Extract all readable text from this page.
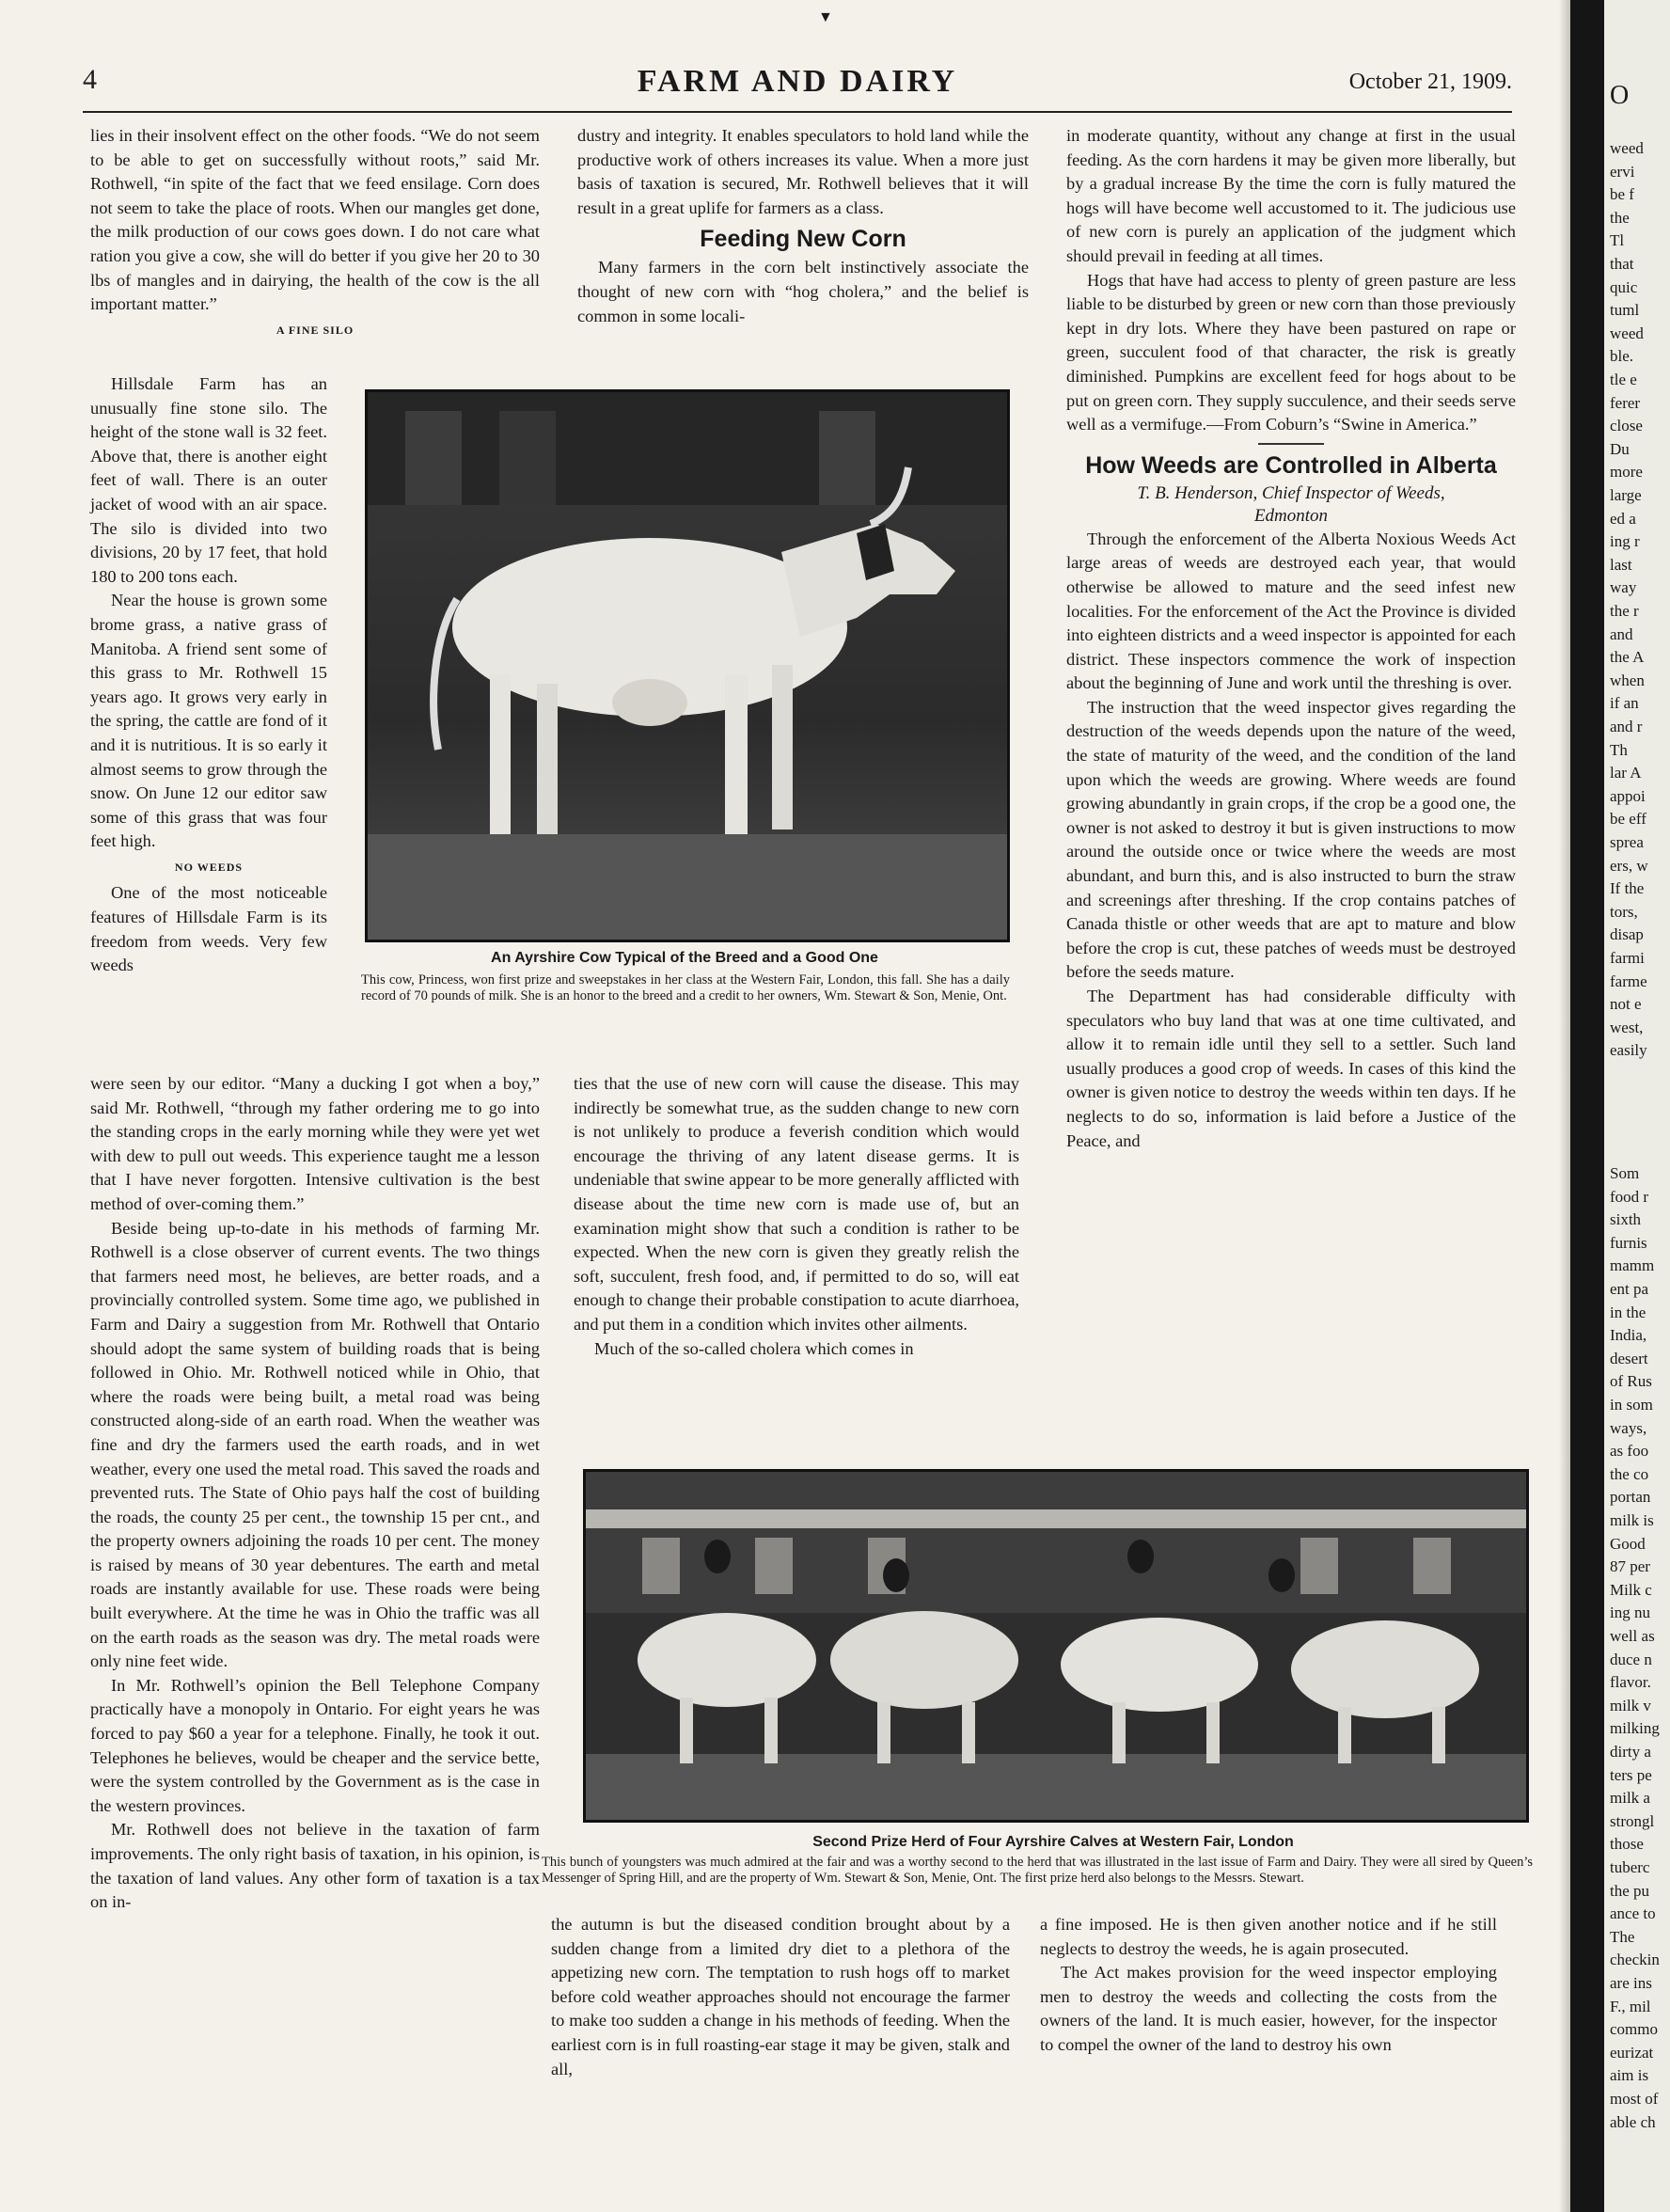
▼
4	FARM AND DAIRY	October 21, 1909.

lies in their insolvent effect on the other foods. “We do not seem to be able to get on successfully without roots,” said Mr. Rothwell, “in spite of the fact that we feed ensilage. Corn does not seem to take the place of roots. When our mangles get done, the milk production of our cows goes down. I do not care what ration you give a cow, she will do better if you give her 20 to 30 lbs of mangles and in dairying, the health of the cow is the all important matter.”

A FINE SILO

Hillsdale Farm has an unusually fine stone silo. The height of the stone wall is 32 feet. Above that, there is another eight feet of wall. There is an outer jacket of wood with an air space. The silo is divided into two divisions, 20 by 17 feet, that hold 180 to 200 tons each.

Near the house is grown some brome grass, a native grass of Manitoba. A friend sent some of this grass to Mr. Rothwell 15 years ago. It grows very early in the spring, the cattle are fond of it and it is nutritious. It is so early it almost seems to grow through the snow. On June 12 our editor saw some of this grass that was four feet high.

NO WEEDS

One of the most noticeable features of Hillsdale Farm is its freedom from weeds. Very few weeds

were seen by our editor. “Many a ducking I got when a boy,” said Mr. Rothwell, “through my father ordering me to go into the standing crops in the early morning while they were yet wet with dew to pull out weeds. This experience taught me a lesson that I have never forgotten. Intensive cultivation is the best method of over-coming them.”

Beside being up-to-date in his methods of farming Mr. Rothwell is a close observer of current events. The two things that farmers need most, he believes, are better roads, and a provincially controlled system. Some time ago, we published in Farm and Dairy a suggestion from Mr. Rothwell that Ontario should adopt the same system of building roads that is being followed in Ohio. Mr. Rothwell noticed while in Ohio, that where the roads were being built, a metal road was being constructed along-side of an earth road. When the weather was fine and dry the farmers used the earth roads, and in wet weather, every one used the metal road. This saved the roads and prevented ruts. The State of Ohio pays half the cost of building the roads, the county 25 per cent., the township 15 per cnt., and the property owners adjoining the roads 10 per cent. The money is raised by means of 30 year debentures. The earth and metal roads are instantly available for use. These roads were being built everywhere. At the time he was in Ohio the traffic was all on the earth roads as the season was dry. The metal roads were only nine feet wide.

In Mr. Rothwell’s opinion the Bell Telephone Company practically have a monopoly in Ontario. For eight years he was forced to pay $60 a year for a telephone. Finally, he took it out. Telephones he believes, would be cheaper and the service bette, were the system controlled by the Government as is the case in the western provinces.

Mr. Rothwell does not believe in the taxation of farm improvements. The only right basis of taxation, in his opinion, is the taxation of land values. Any other form of taxation is a tax on in-

dustry and integrity. It enables speculators to hold land while the productive work of others increases its value. When a more just basis of taxation is secured, Mr. Rothwell believes that it will result in a great uplife for farmers as a class.

Feeding New Corn

Many farmers in the corn belt instinctively associate the thought of new corn with “hog cholera,” and the belief is common in some locali-

An Ayrshire Cow Typical of the Breed and a Good One
This cow, Princess, won first prize and sweepstakes in her class at the Western Fair, London, this fall. She has a daily record of 70 pounds of milk. She is an honor to the breed and a credit to her owners, Wm. Stewart & Son, Menie, Ont.

ties that the use of new corn will cause the disease. This may indirectly be somewhat true, as the sudden change to new corn is not unlikely to produce a feverish condition which would encourage the thriving of any latent disease germs. It is undeniable that swine appear to be more generally afflicted with disease about the time new corn is made use of, but an examination might show that such a condition is rather to be expected. When the new corn is given they greatly relish the soft, succulent, fresh food, and, if permitted to do so, will eat enough to change their probable constipation to acute diarrhoea, and put them in a condition which invites other ailments.

Much of the so-called cholera which comes in

in moderate quantity, without any change at first in the usual feeding. As the corn hardens it may be given more liberally, but by a gradual increase By the time the corn is fully matured the hogs will have become well accustomed to it. The judicious use of new corn is purely an application of the judgment which should prevail in feeding at all times.

Hogs that have had access to plenty of green pasture are less liable to be disturbed by green or new corn than those previously kept in dry lots. Where they have been pastured on rape or green, succulent food of that character, the risk is greatly diminished. Pumpkins are excellent feed for hogs about to be put on green corn. They supply succulence, and their seeds serve well as a vermifuge.—From Coburn’s “Swine in America.”

How Weeds are Controlled in Alberta
T. B. Henderson, Chief Inspector of Weeds,
Edmonton

Through the enforcement of the Alberta Noxious Weeds Act large areas of weeds are destroyed each year, that would otherwise be allowed to mature and the seed infest new localities. For the enforcement of the Act the Province is divided into eighteen districts and a weed inspector is appointed for each district. These inspectors commence the work of inspection about the beginning of June and work until the threshing is over.

The instruction that the weed inspector gives regarding the destruction of the weeds depends upon the nature of the weed, the state of maturity of the weed, and the condition of the land upon which the weeds are growing. Where weeds are found growing abundantly in grain crops, if the crop be a good one, the owner is not asked to destroy it but is given instructions to mow around the outside once or twice where the weeds are most abundant, and burn this, and is also instructed to burn the straw and screenings after threshing. If the crop contains patches of Canada thistle or other weeds that are apt to mature and blow before the crop is cut, these patches of weeds must be destroyed before the seeds mature.

The Department has had considerable difficulty with speculators who buy land that was at one time cultivated, and allow it to remain idle until they sell to a settler. Such land usually produces a good crop of weeds. In cases of this kind the owner is given notice to destroy the weeds within ten days. If he neglects to do so, information is laid before a Justice of the Peace, and

Second Prize Herd of Four Ayrshire Calves at Western Fair, London
This bunch of youngsters was much admired at the fair and was a worthy second to the herd that was illustrated in the last issue of Farm and Dairy. They were all sired by Queen’s Messenger of Spring Hill, and are the property of Wm. Stewart & Son, Menie, Ont. The first prize herd also belongs to the Messrs. Stewart.

the autumn is but the diseased condition brought about by a sudden change from a limited dry diet to a plethora of the appetizing new corn. The temptation to rush hogs off to market before cold weather approaches should not encourage the farmer to make too sudden a change in his methods of feeding. When the earliest corn is in full roasting-ear stage it may be given, stalk and all,

a fine imposed. He is then given another notice and if he still neglects to destroy the weeds, he is again prosecuted.

The Act makes provision for the weed inspector employing men to destroy the weeds and collecting the costs from the owners of the land. It is much easier, however, for the inspector to compel the owner of the land to destroy his own

O
weed
ervi
be f
the
Tl
that
quic
tuml
weed
ble.
tle e
ferer
close
Du
more
large
ed a
ing r
last
way
the r
and
the A
when
if an
and r
Th
lar A
appoi
be eff
sprea
ers, w
If the
tors,
disap
farmi
farme
not e
west,
easily
Som
food r
sixth
furnis
mamm
ent pa
in the
India,
desert
of Rus
in som
ways,
as foo
the co
portan
milk is
Good
87 per
Milk c
ing nu
well as
duce n
flavor.
milk v
milking
dirty a
ters pe
milk a
strongl
those
tuberc
the pu
ance to
The
checkin
are ins
F., mil
commo
eurizat
aim is
most of
able ch
